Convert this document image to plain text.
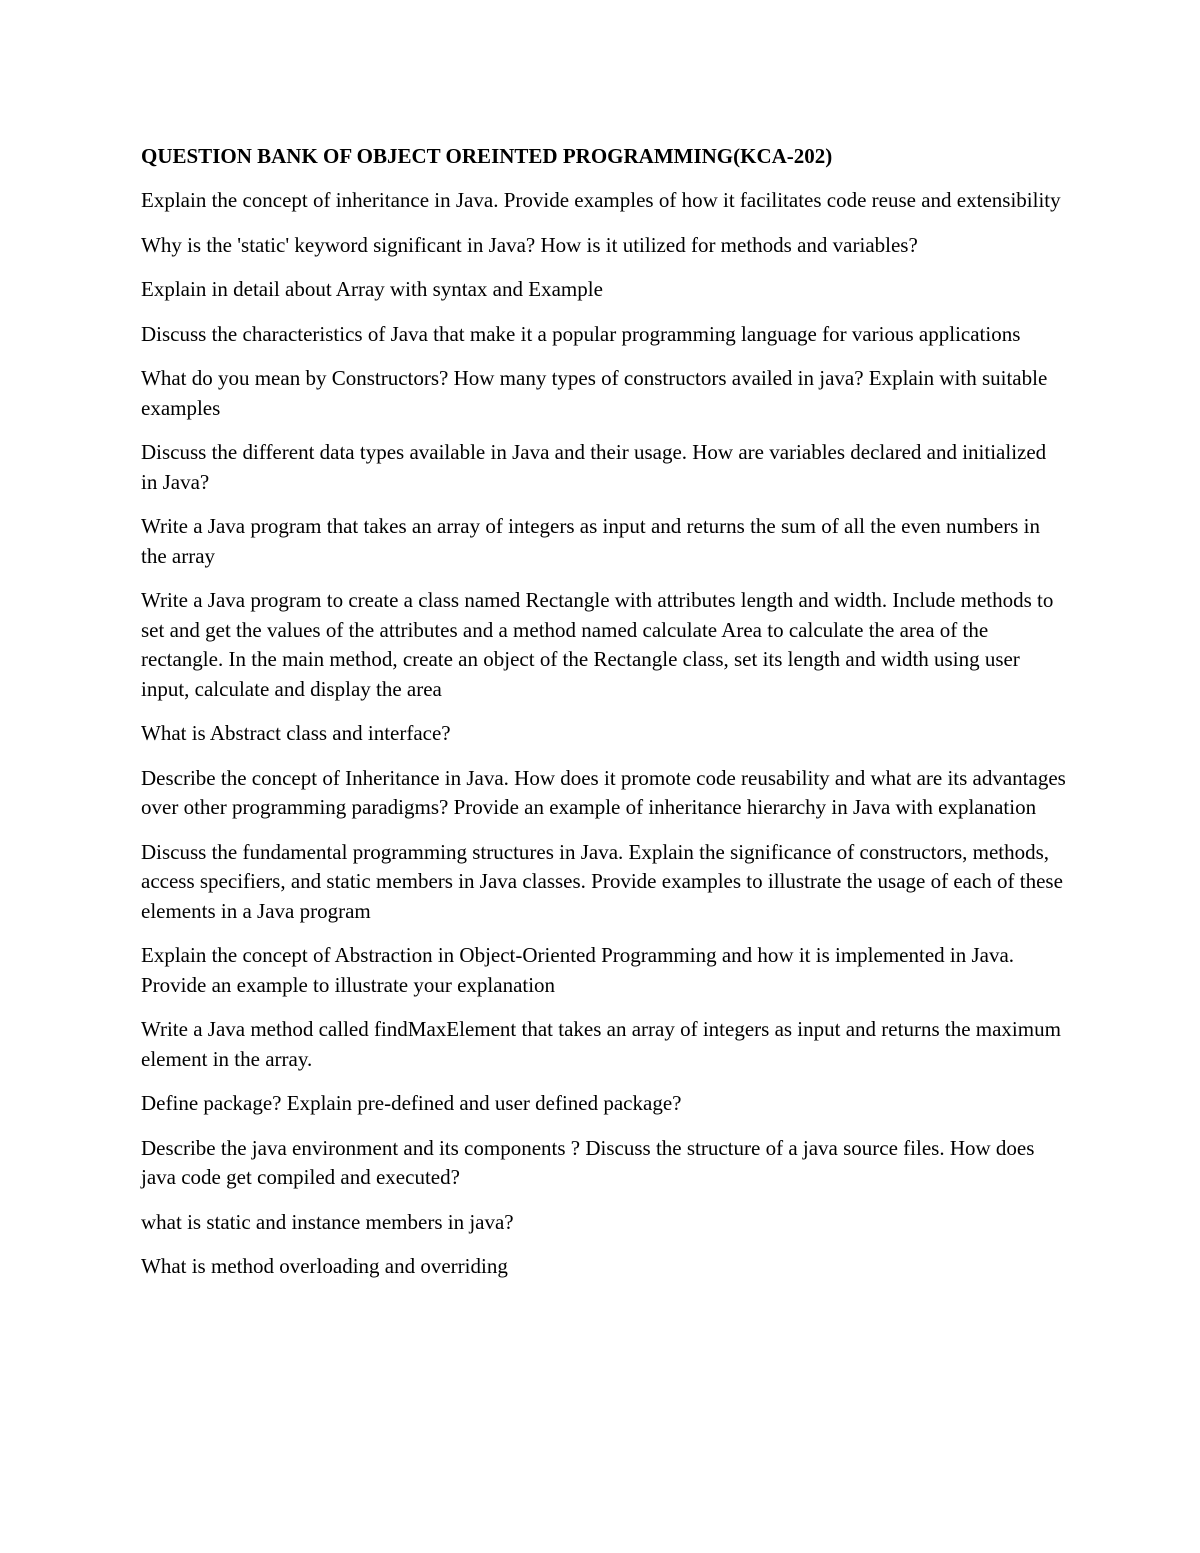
QUESTION BANK OF OBJECT OREINTED PROGRAMMING(KCA-202)
Explain the concept of inheritance in Java. Provide examples of how it facilitates code reuse and extensibility
Why is the 'static' keyword significant in Java? How is it utilized for methods and variables?
Explain in detail about Array with syntax and Example
Discuss the characteristics of Java that make it a popular programming language for various applications
What do you mean by Constructors? How many types of constructors availed in java? Explain with suitable examples
Discuss the different data types available in Java and their usage. How are variables declared and initialized in Java?
Write a Java program that takes an array of integers as input and returns the sum of all the even numbers in the array
Write a Java program to create a class named Rectangle with attributes length and width. Include methods to set and get the values of the attributes and a method named calculate Area to calculate the area of the rectangle. In the main method, create an object of the Rectangle class, set its length and width using user input, calculate and display the area
What is Abstract class and interface?
Describe the concept of Inheritance in Java. How does it promote code reusability and what are its advantages over other programming paradigms? Provide an example of inheritance hierarchy in Java with explanation
Discuss the fundamental programming structures in Java. Explain the significance of constructors, methods, access specifiers, and static members in Java classes. Provide examples to illustrate the usage of each of these elements in a Java program
Explain the concept of Abstraction in Object-Oriented Programming and how it is implemented in Java. Provide an example to illustrate your explanation
Write a Java method called findMaxElement that takes an array of integers as input and returns the maximum element in the array.
Define package? Explain pre-defined and user defined package?
Describe the java environment and its components ? Discuss the structure of a java source files. How does java code get compiled and executed?
what is static and instance members in java?
What is method overloading and overriding
